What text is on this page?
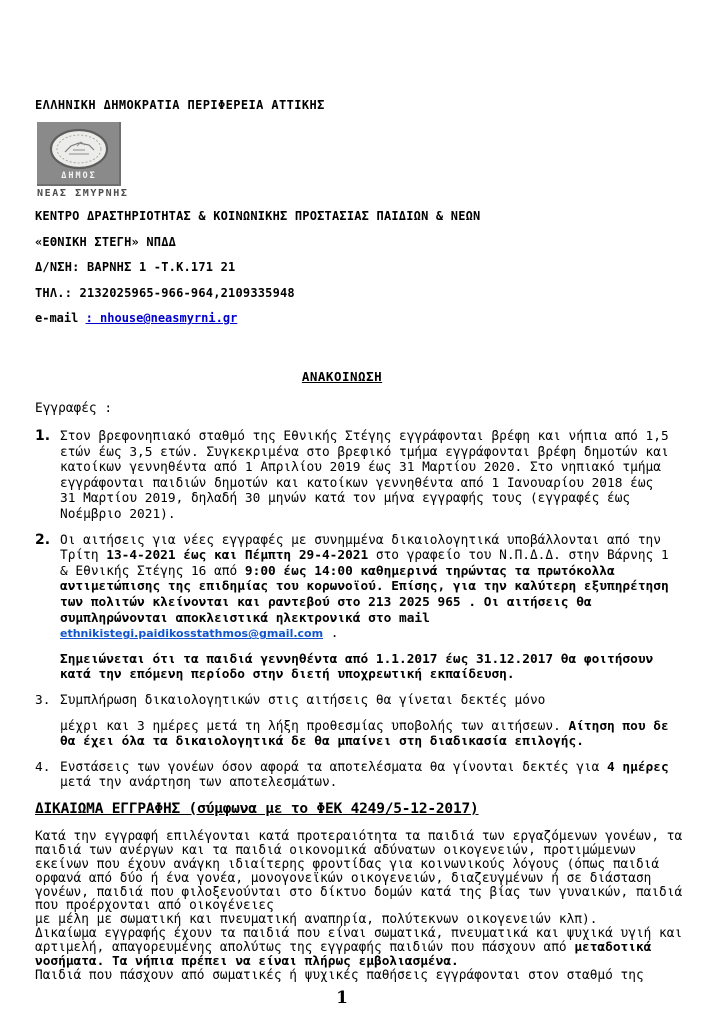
ΕΛΛΗΝΙΚΗ ΔΗΜΟΚΡΑΤΙΑ ΠΕΡΙΦΕΡΕΙΑ ΑΤΤΙΚΗΣ
ΔΗΜΟΣ
ΝΕΑΣ ΣΜΥΡΝΗΣ
ΚΕΝΤΡΟ ΔΡΑΣΤΗΡΙΟΤΗΤΑΣ & ΚΟΙΝΩΝΙΚΗΣ ΠΡΟΣΤΑΣΙΑΣ ΠΑΙΔΙΩΝ & ΝΕΩΝ
«ΕΘΝΙΚΗ ΣΤΕΓΗ» ΝΠΔΔ
Δ/ΝΣΗ: ΒΑΡΝΗΣ 1 -Τ.Κ.171 21
ΤΗΛ.: 2132025965-966-964,2109335948
e-mail : nhouse@neasmyrni.gr
ΑΝΑΚΟΙΝΩΣΗ
Εγγραφές :
1. Στον βρεφονηπιακό σταθμό της Εθνικής Στέγης εγγράφονται βρέφη και νήπια από 1,5 ετών έως 3,5 ετών. Συγκεκριμένα στο βρεφικό τμήμα εγγράφονται βρέφη δημοτών και κατοίκων γεννηθέντα από 1 Απριλίου 2019 έως 31 Μαρτίου 2020. Στο νηπιακό τμήμα εγγράφονται παιδιών δημοτών και κατοίκων γεννηθέντα από 1 Ιανουαρίου 2018 έως 31 Μαρτίου 2019, δηλαδή 30 μηνών κατά τον μήνα εγγραφής τους (εγγραφές έως Νοέμβριο 2021).
2. Οι αιτήσεις για νέες εγγραφές με συνημμένα δικαιολογητικά υποβάλλονται από την Τρίτη 13-4-2021 έως και Πέμπτη 29-4-2021 στο γραφείο του Ν.Π.Δ.Δ. στην Βάρνης 1 & Εθνικής Στέγης 16 από 9:00 έως 14:00 καθημερινά τηρώντας τα πρωτόκολλα αντιμετώπισης της επιδημίας του κορωνοϊού. Επίσης, για την καλύτερη εξυπηρέτηση των πολιτών κλείνονται και ραντεβού στο 213 2025 965 . Οι αιτήσεις θα συμπληρώνονται αποκλειστικά ηλεκτρονικά στο mail ethnikistegi.paidikosstathmos@gmail.com .
Σημειώνεται ότι τα παιδιά γεννηθέντα από 1.1.2017 έως 31.12.2017 θα φοιτήσουν κατά την επόμενη περίοδο στην διετή υποχρεωτική εκπαίδευση.
3. Συμπλήρωση δικαιολογητικών στις αιτήσεις θα γίνεται δεκτές μόνο
μέχρι και 3 ημέρες μετά τη λήξη προθεσμίας υποβολής των αιτήσεων. Αίτηση που δε θα έχει όλα τα δικαιολογητικά δε θα μπαίνει στη διαδικασία επιλογής.
4. Ενστάσεις των γονέων όσον αφορά τα αποτελέσματα θα γίνονται δεκτές για 4 ημέρες μετά την ανάρτηση των αποτελεσμάτων.
ΔΙΚΑΙΩΜΑ ΕΓΓΡΑΦΗΣ (σύμφωνα με το ΦΕΚ 4249/5-12-2017)
Κατά την εγγραφή επιλέγονται κατά προτεραιότητα τα παιδιά των εργαζόμενων γονέων, τα παιδιά των ανέργων και τα παιδιά οικονομικά αδύνατων οικογενειών, προτιμώμενων εκείνων που έχουν ανάγκη ιδιαίτερης φροντίδας για κοινωνικούς λόγους (όπως παιδιά ορφανά από δύο ή ένα γονέα, μονογονεϊκών οικογενειών, διαζευγμένων ή σε διάσταση γονέων, παιδιά που φιλοξενούνται στο δίκτυο δομών κατά της βίας των γυναικών, παιδιά που προέρχονται από οικογένειες
με μέλη με σωματική και πνευματική αναπηρία, πολύτεκνων οικογενειών κλπ).
Δικαίωμα εγγραφής έχουν τα παιδιά που είναι σωματικά, πνευματικά και ψυχικά υγιή και αρτιμελή, απαγορευμένης απολύτως της εγγραφής παιδιών που πάσχουν από μεταδοτικά νοσήματα. Τα νήπια πρέπει να είναι πλήρως εμβολιασμένα.
Παιδιά που πάσχουν από σωματικές ή ψυχικές παθήσεις εγγράφονται στον σταθμό της
1
